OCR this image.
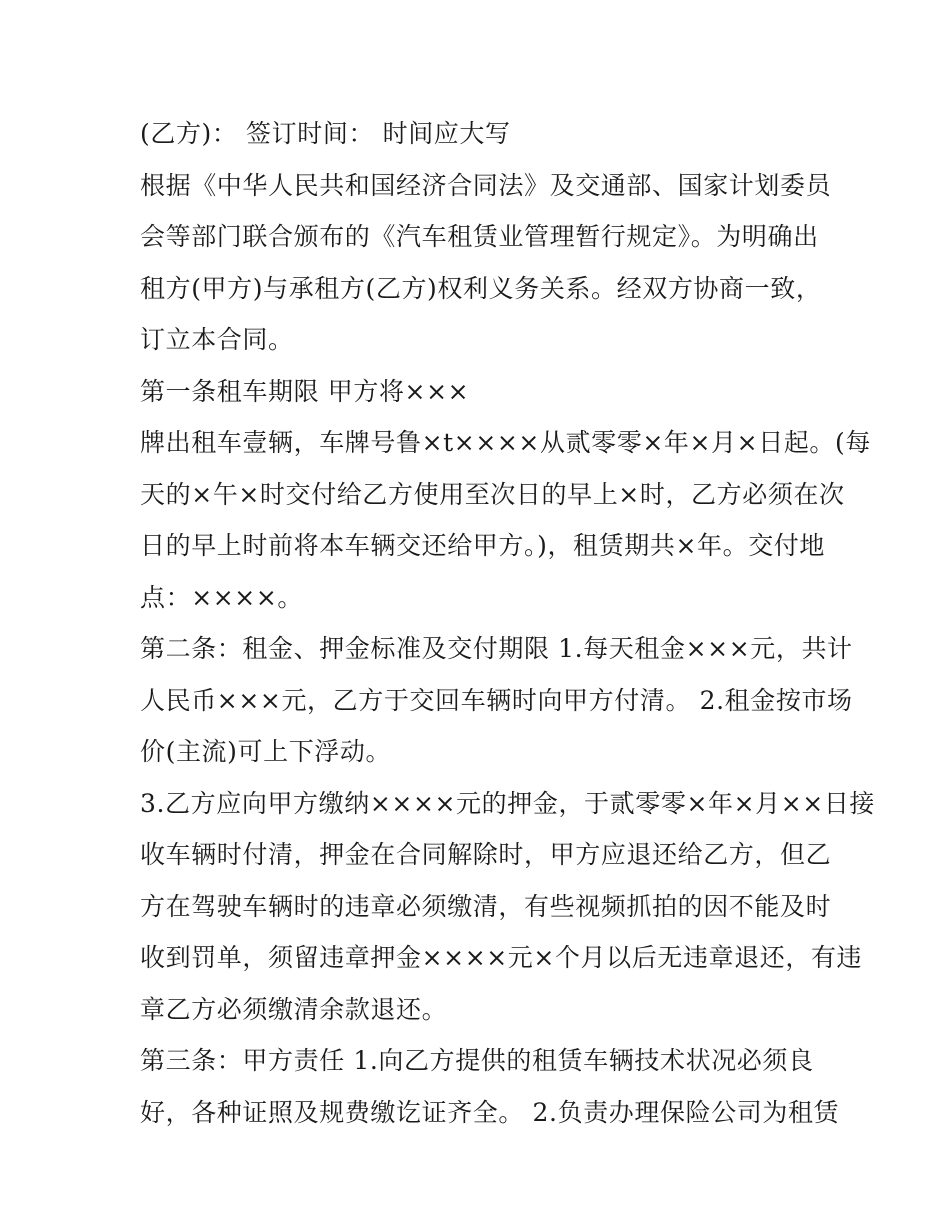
(乙方)： 签订时间： 时间应大写
根据《中华人民共和国经济合同法》及交通部、国家计划委员
会等部门联合颁布的《汽车租赁业管理暂行规定》。为明确出
租方(甲方)与承租方(乙方)权利义务关系。经双方协商一致，
订立本合同。
第一条租车期限 甲方将×××
牌出租车壹辆，车牌号鲁×t××××从贰零零×年×月×日起。(每
天的×午×时交付给乙方使用至次日的早上×时，乙方必须在次
日的早上时前将本车辆交还给甲方。)，租赁期共×年。交付地
点：××××。
第二条：租金、押金标准及交付期限 1.每天租金×××元，共计
人民币×××元，乙方于交回车辆时向甲方付清。 2.租金按市场
价(主流)可上下浮动。
3.乙方应向甲方缴纳××××元的押金，于贰零零×年×月××日接
收车辆时付清，押金在合同解除时，甲方应退还给乙方，但乙
方在驾驶车辆时的违章必须缴清，有些视频抓拍的因不能及时
收到罚单，须留违章押金××××元×个月以后无违章退还，有违
章乙方必须缴清余款退还。
第三条：甲方责任 1.向乙方提供的租赁车辆技术状况必须良
好，各种证照及规费缴讫证齐全。 2.负责办理保险公司为租赁
